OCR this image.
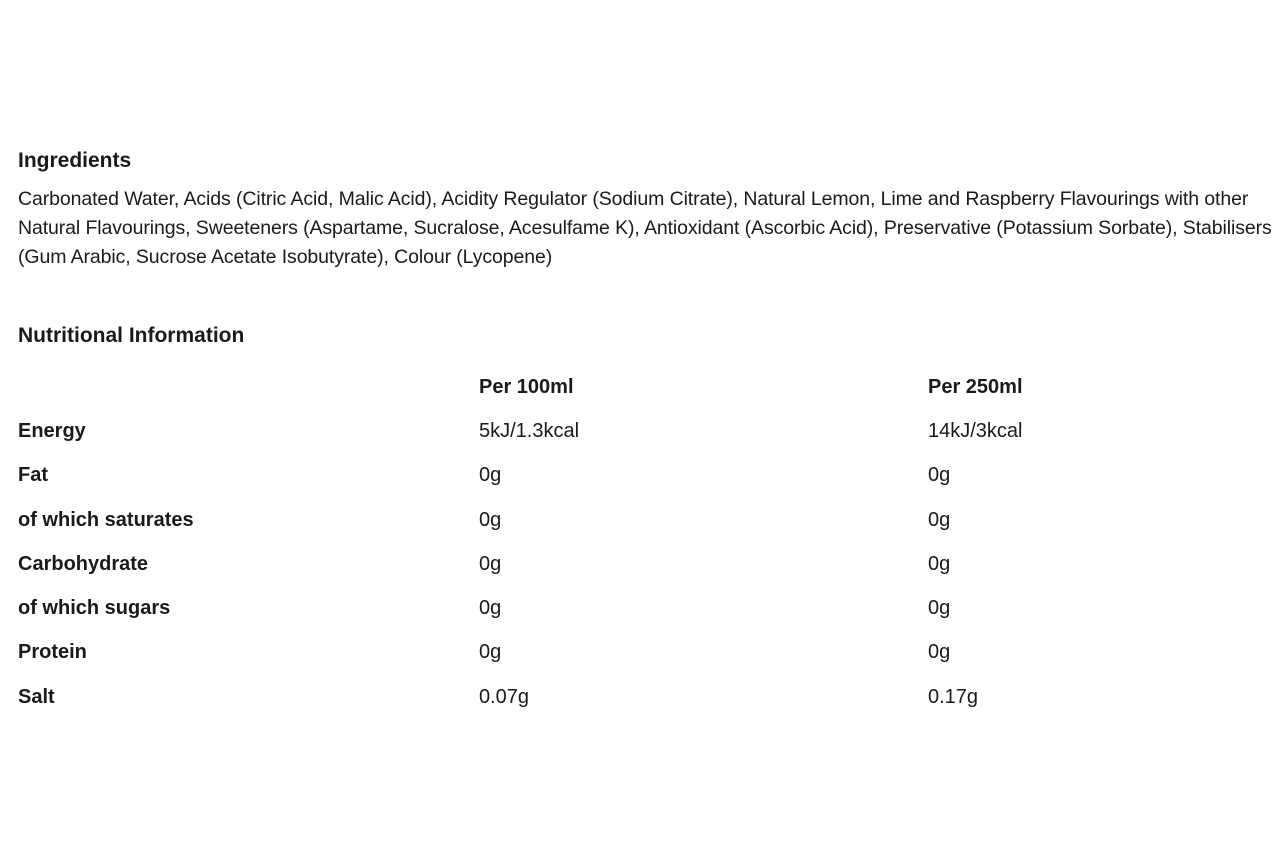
Ingredients

Carbonated Water, Acids (Citric Acid, Malic Acid), Acidity Regulator (Sodium Citrate), Natural Lemon, Lime and Raspberry Flavourings with other Natural Flavourings, Sweeteners (Aspartame, Sucralose, Acesulfame K), Antioxidant (Ascorbic Acid), Preservative (Potassium Sorbate), Stabilisers (Gum Arabic, Sucrose Acetate Isobutyrate), Colour (Lycopene)

Nutritional Information
	Per 100ml	Per 250ml
Energy	5kJ/1.3kcal	14kJ/3kcal
Fat	0g	0g
of which saturates	0g	0g
Carbohydrate	0g	0g
of which sugars	0g	0g
Protein	0g	0g
Salt	0.07g	0.17g
